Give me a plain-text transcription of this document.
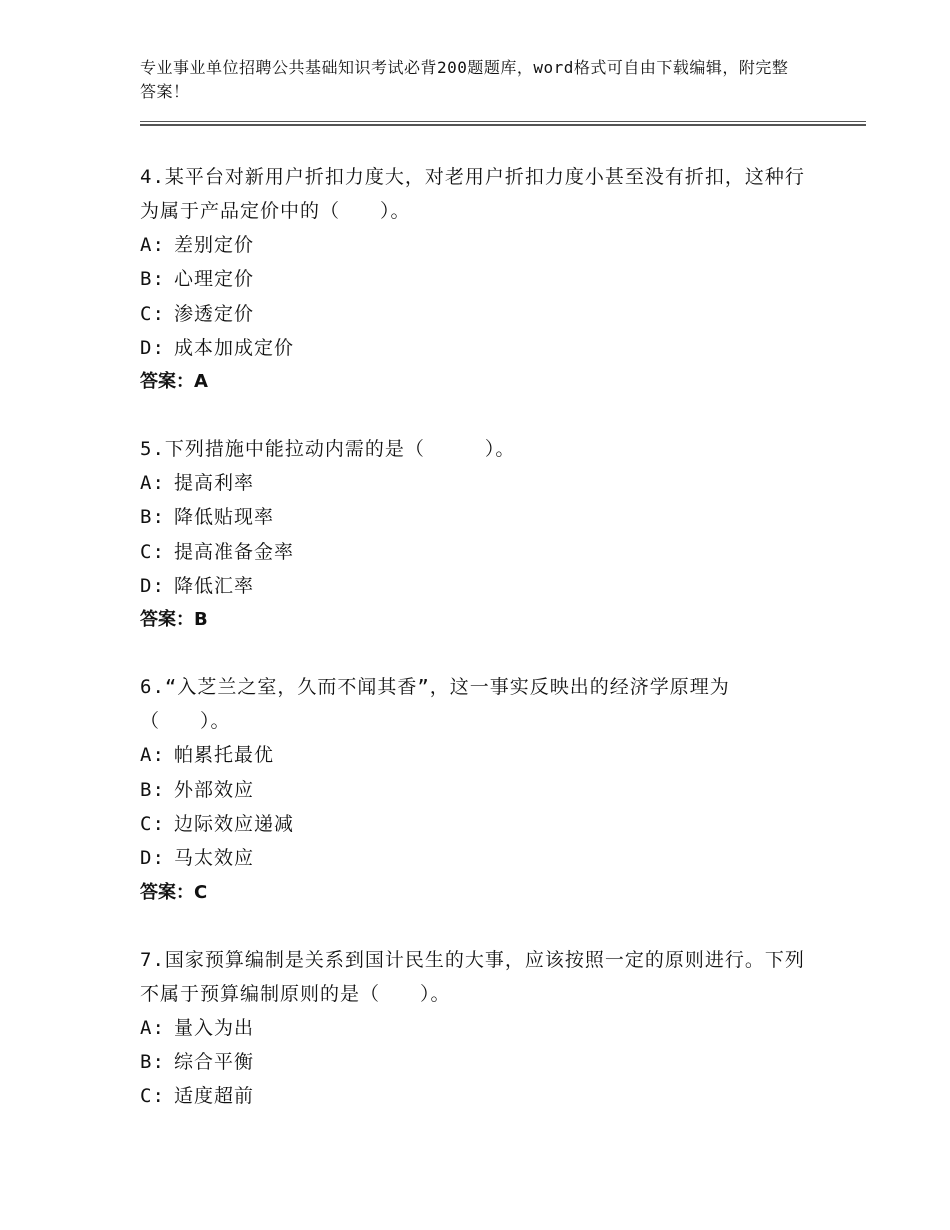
专业事业单位招聘公共基础知识考试必背200题题库，word格式可自由下载编辑，附完整答案！
4.某平台对新用户折扣力度大，对老用户折扣力度小甚至没有折扣，这种行为属于产品定价中的（　　）。
A: 差别定价
B: 心理定价
C: 渗透定价
D: 成本加成定价
答案：A
5.下列措施中能拉动内需的是（　　　）。
A: 提高利率
B: 降低贴现率
C: 提高准备金率
D: 降低汇率
答案：B
6.“入芝兰之室，久而不闻其香”，这一事实反映出的经济学原理为（　　）。
A: 帕累托最优
B: 外部效应
C: 边际效应递减
D: 马太效应
答案：C
7.国家预算编制是关系到国计民生的大事，应该按照一定的原则进行。下列不属于预算编制原则的是（　　）。
A: 量入为出
B: 综合平衡
C: 适度超前
